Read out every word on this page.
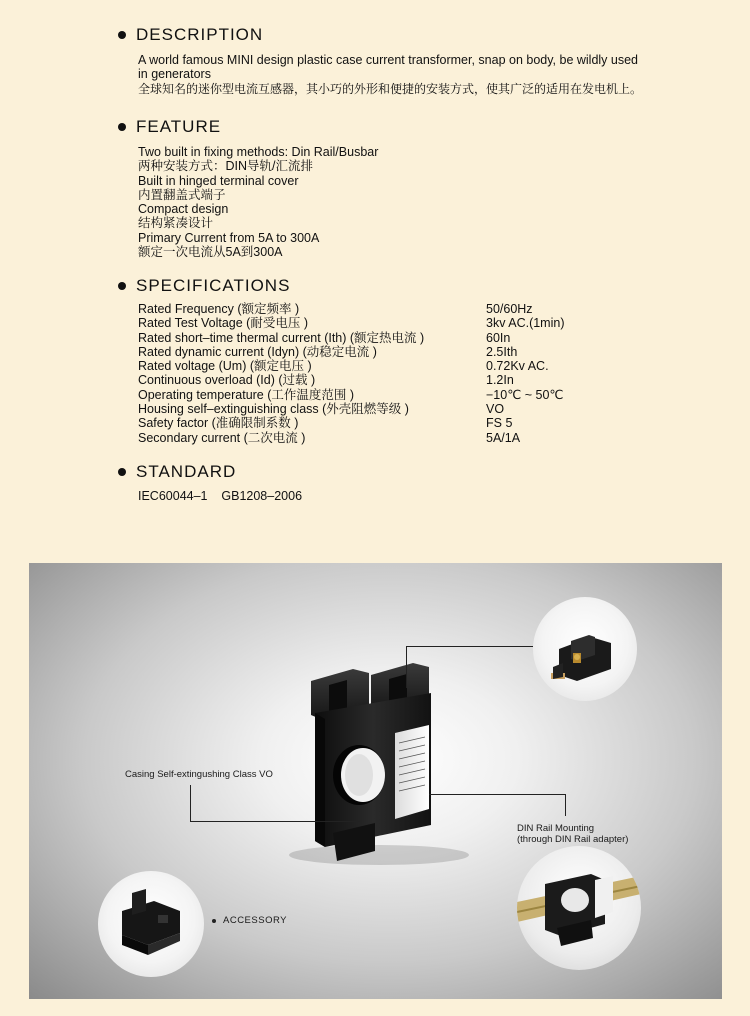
DESCRIPTION
A world famous MINI design plastic case current transformer, snap on body, be wildly used
in generators
全球知名的迷你型电流互感器，其小巧的外形和便捷的安装方式，使其广泛的适用在发电机上。
FEATURE
Two built in fixing methods: Din Rail/Busbar
两种安装方式：DIN导轨/汇流排
Built in hinged terminal cover
内置翻盖式端子
Compact design
结构紧凑设计
Primary Current from 5A to 300A
额定一次电流从5A到300A
SPECIFICATIONS
Rated Frequency (额定频率 )	50/60Hz
Rated Test Voltage (耐受电压 )	3kv AC.(1min)
Rated short–time thermal current (Ith) (额定热电流 )	60In
Rated dynamic current (Idyn) (动稳定电流 )	2.5Ith
Rated voltage (Um) (额定电压 )	0.72Kv AC.
Continuous overload (Id) (过载 )	1.2In
Operating temperature (工作温度范围 )	−10℃ ~ 50℃
Housing self–extinguishing class (外壳阻燃等级 )	VO
Safety factor (准确限制系数 )	FS 5
Secondary current (二次电流 )	5A/1A
STANDARD
IEC60044–1    GB1208–2006
Casing Self-extingushing Class VO
DIN Rail Mounting
(through DIN Rail adapter)
ACCESSORY
